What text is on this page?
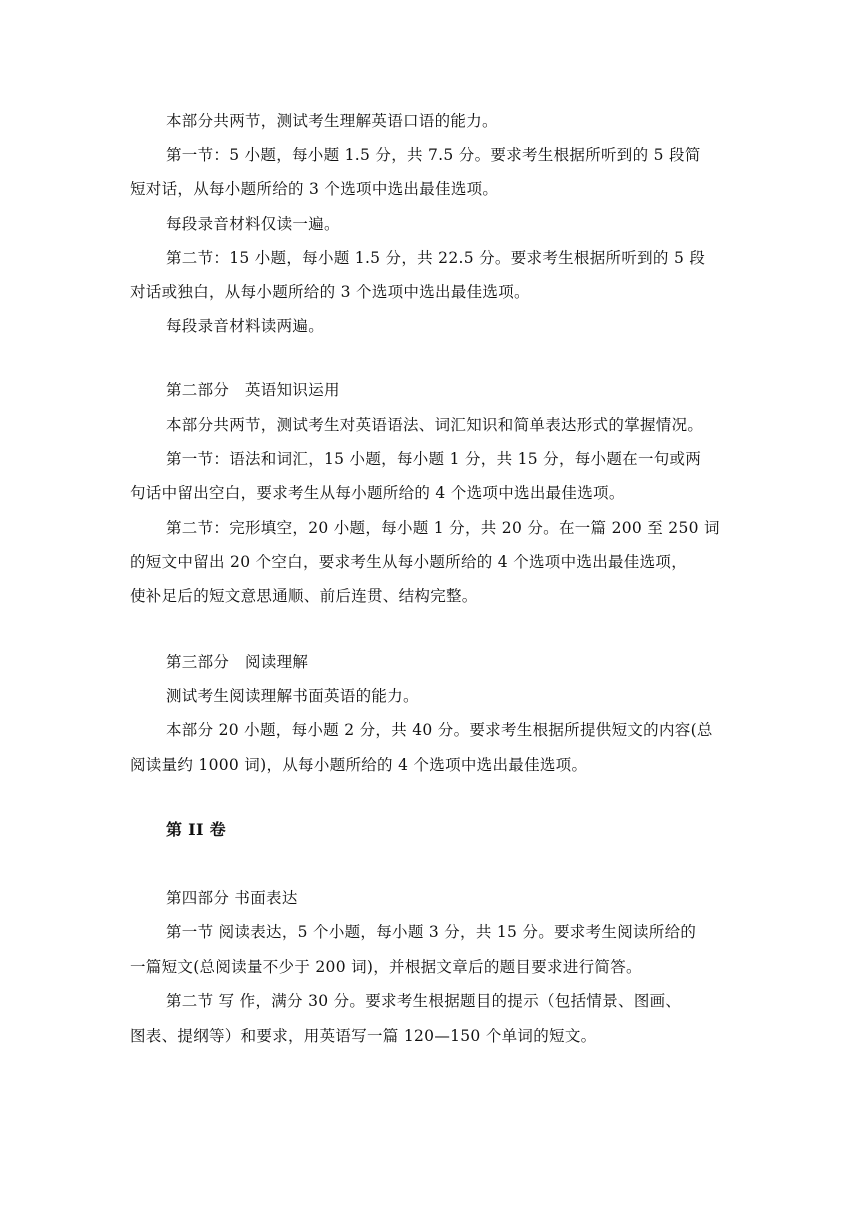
本部分共两节，测试考生理解英语口语的能力。

第一节：5 小题，每小题 1.5 分，共 7.5 分。要求考生根据所听到的 5 段简

短对话，从每小题所给的 3 个选项中选出最佳选项。

每段录音材料仅读一遍。

第二节：15 小题，每小题 1.5 分，共 22.5 分。要求考生根据所听到的 5 段

对话或独白，从每小题所给的 3 个选项中选出最佳选项。

每段录音材料读两遍。

第二部分　英语知识运用

本部分共两节，测试考生对英语语法、词汇知识和简单表达形式的掌握情况。

第一节：语法和词汇，15 小题，每小题 1 分，共 15 分，每小题在一句或两

句话中留出空白，要求考生从每小题所给的 4 个选项中选出最佳选项。

第二节：完形填空，20 小题，每小题 1 分，共 20 分。在一篇 200 至 250 词

的短文中留出 20 个空白，要求考生从每小题所给的 4 个选项中选出最佳选项，

使补足后的短文意思通顺、前后连贯、结构完整。

第三部分　阅读理解

测试考生阅读理解书面英语的能力。

本部分 20 小题，每小题 2 分，共 40 分。要求考生根据所提供短文的内容(总

阅读量约 1000 词)，从每小题所给的 4 个选项中选出最佳选项。

第 II 卷

第四部分 书面表达

第一节 阅读表达，5 个小题，每小题 3 分，共 15 分。要求考生阅读所给的

一篇短文(总阅读量不少于 200 词)，并根据文章后的题目要求进行简答。

第二节 写 作，满分 30 分。要求考生根据题目的提示（包括情景、图画、

图表、提纲等）和要求，用英语写一篇 120—150 个单词的短文。
